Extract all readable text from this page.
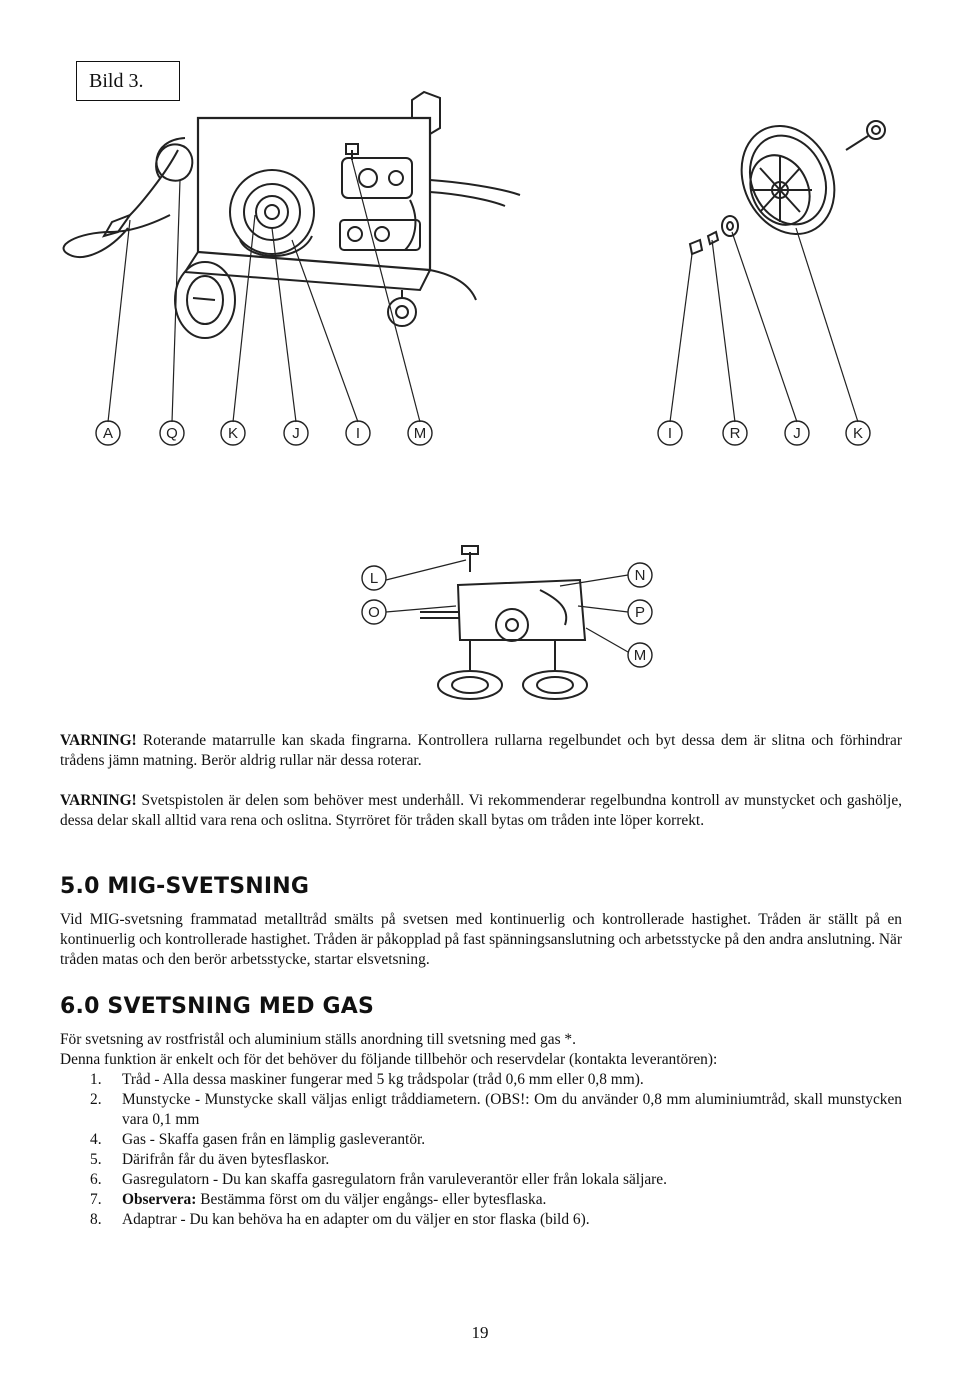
Bild 3.
A	Q	K	J	I	M	I	R	J	K
L
O
N
P
M

VARNING! Roterande matarrulle kan skada fingrarna. Kontrollera rullarna regelbundet och byt dessa dem är slitna och förhindrar trådens jämn matning. Berör aldrig rullar när dessa roterar.

VARNING! Svetspistolen är delen som behöver mest underhåll. Vi rekommenderar regelbundna kontroll av munstycket och gashölje, dessa delar skall alltid vara rena och oslitna. Styrröret för tråden skall bytas om tråden inte löper korrekt.

5.0 MIG-SVETSNING

Vid MIG-svetsning frammatad metalltråd smälts på svetsen med kontinuerlig och kontrollerade hastighet. Tråden är ställt på en kontinuerlig och kontrollerade hastighet. Tråden är påkopplad på fast spänningsanslutning och arbetsstycke på den andra anslutning. När tråden matas och den berör arbetsstycke, startar elsvetsning.

6.0 SVETSNING MED GAS

För svetsning av rostfristål och aluminium ställs anordning till svetsning med gas *.

Denna funktion är enkelt och för det behöver du följande tillbehör och reservdelar (kontakta leverantören):

1. Tråd - Alla dessa maskiner fungerar med 5 kg trådspolar (tråd 0,6 mm eller 0,8 mm).
2. Munstycke - Munstycke skall väljas enligt tråddiametern. (OBS!: Om du använder 0,8 mm aluminiumtråd, skall munstycken vara 0,1 mm
4. Gas - Skaffa gasen från en lämplig gasleverantör.
5. Därifrån får du även bytesflaskor.
6. Gasregulatorn - Du kan skaffa gasregulatorn från varuleverantör eller från lokala säljare.
7. Observera: Bestämma först om du väljer engångs- eller bytesflaska.
8. Adaptrar - Du kan behöva ha en adapter om du väljer en stor flaska (bild 6).
19
